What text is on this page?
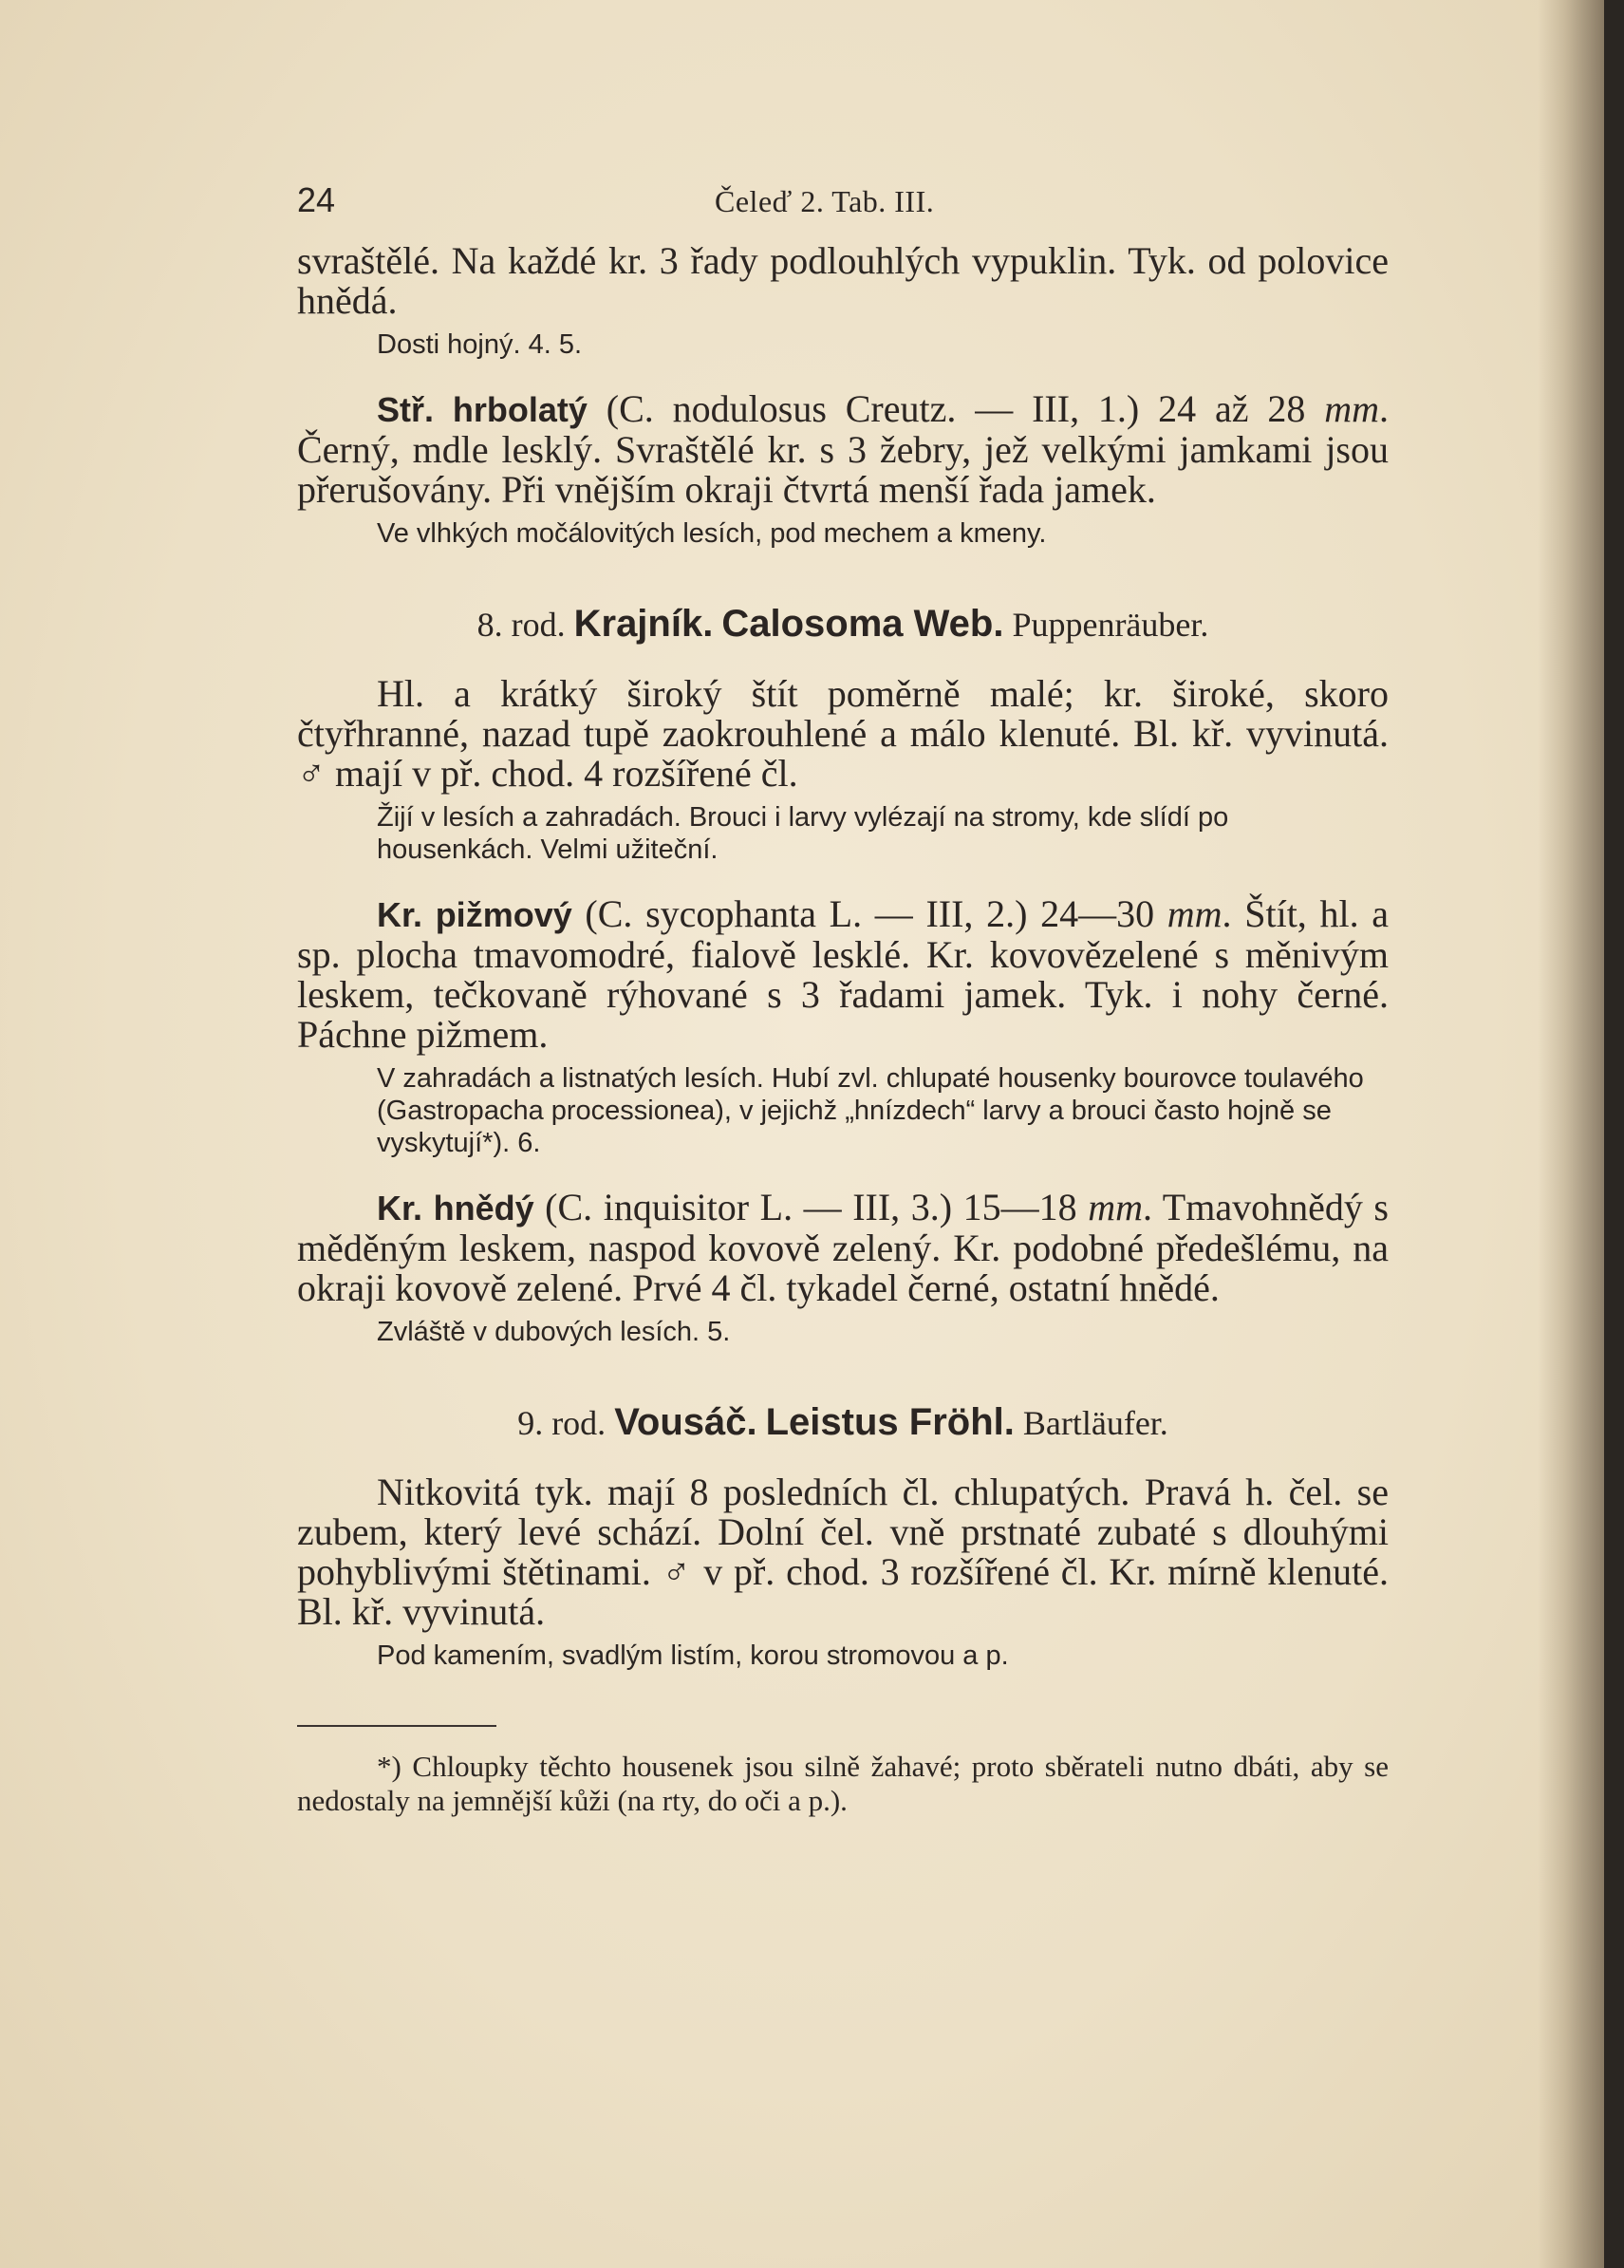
24	Čeleď 2. Tab. III.

svraštělé. Na každé kr. 3 řady podlouhlých vypuklin. Tyk. od polovice hnědá.

Dosti hojný. 4. 5.

Stř. hrbolatý (C. nodulosus Creutz. — III, 1.) 24 až 28 mm. Černý, mdle lesklý. Svraštělé kr. s 3 žebry, jež velkými jamkami jsou přerušovány. Při vnějším okraji čtvrtá menší řada jamek.

Ve vlhkých močálovitých lesích, pod mechem a kmeny.

8. rod. Krajník. Calosoma Web. Puppenräuber.

Hl. a krátký široký štít poměrně malé; kr. široké, skoro čtyřhranné, nazad tupě zaokrouhlené a málo klenuté. Bl. kř. vyvinutá. ♂ mají v př. chod. 4 rozšířené čl.

Žijí v lesích a zahradách. Brouci i larvy vylézají na stromy, kde slídí po housenkách. Velmi užiteční.

Kr. pižmový (C. sycophanta L. — III, 2.) 24—30 mm. Štít, hl. a sp. plocha tmavomodré, fialově lesklé. Kr. kovovězelené s měnivým leskem, tečkovaně rýhované s 3 řadami jamek. Tyk. i nohy černé. Páchne pižmem.

V zahradách a listnatých lesích. Hubí zvl. chlupaté housenky bourovce toulavého (Gastropacha processionea), v jejichž „hnízdech“ larvy a brouci často hojně se vyskytují*). 6.

Kr. hnědý (C. inquisitor L. — III, 3.) 15—18 mm. Tmavohnědý s měděným leskem, naspod kovově zelený. Kr. podobné předešlému, na okraji kovově zelené. Prvé 4 čl. tykadel černé, ostatní hnědé.

Zvláště v dubových lesích. 5.

9. rod. Vousáč. Leistus Fröhl. Bartläufer.

Nitkovitá tyk. mají 8 posledních čl. chlupatých. Pravá h. čel. se zubem, který levé schází. Dolní čel. vně prstnaté zubaté s dlouhými pohyblivými štětinami. ♂ v př. chod. 3 rozšířené čl. Kr. mírně klenuté. Bl. kř. vyvinutá.

Pod kamením, svadlým listím, korou stromovou a p.

*) Chloupky těchto housenek jsou silně žahavé; proto sběrateli nutno dbáti, aby se nedostaly na jemnější kůži (na rty, do oči a p.).
